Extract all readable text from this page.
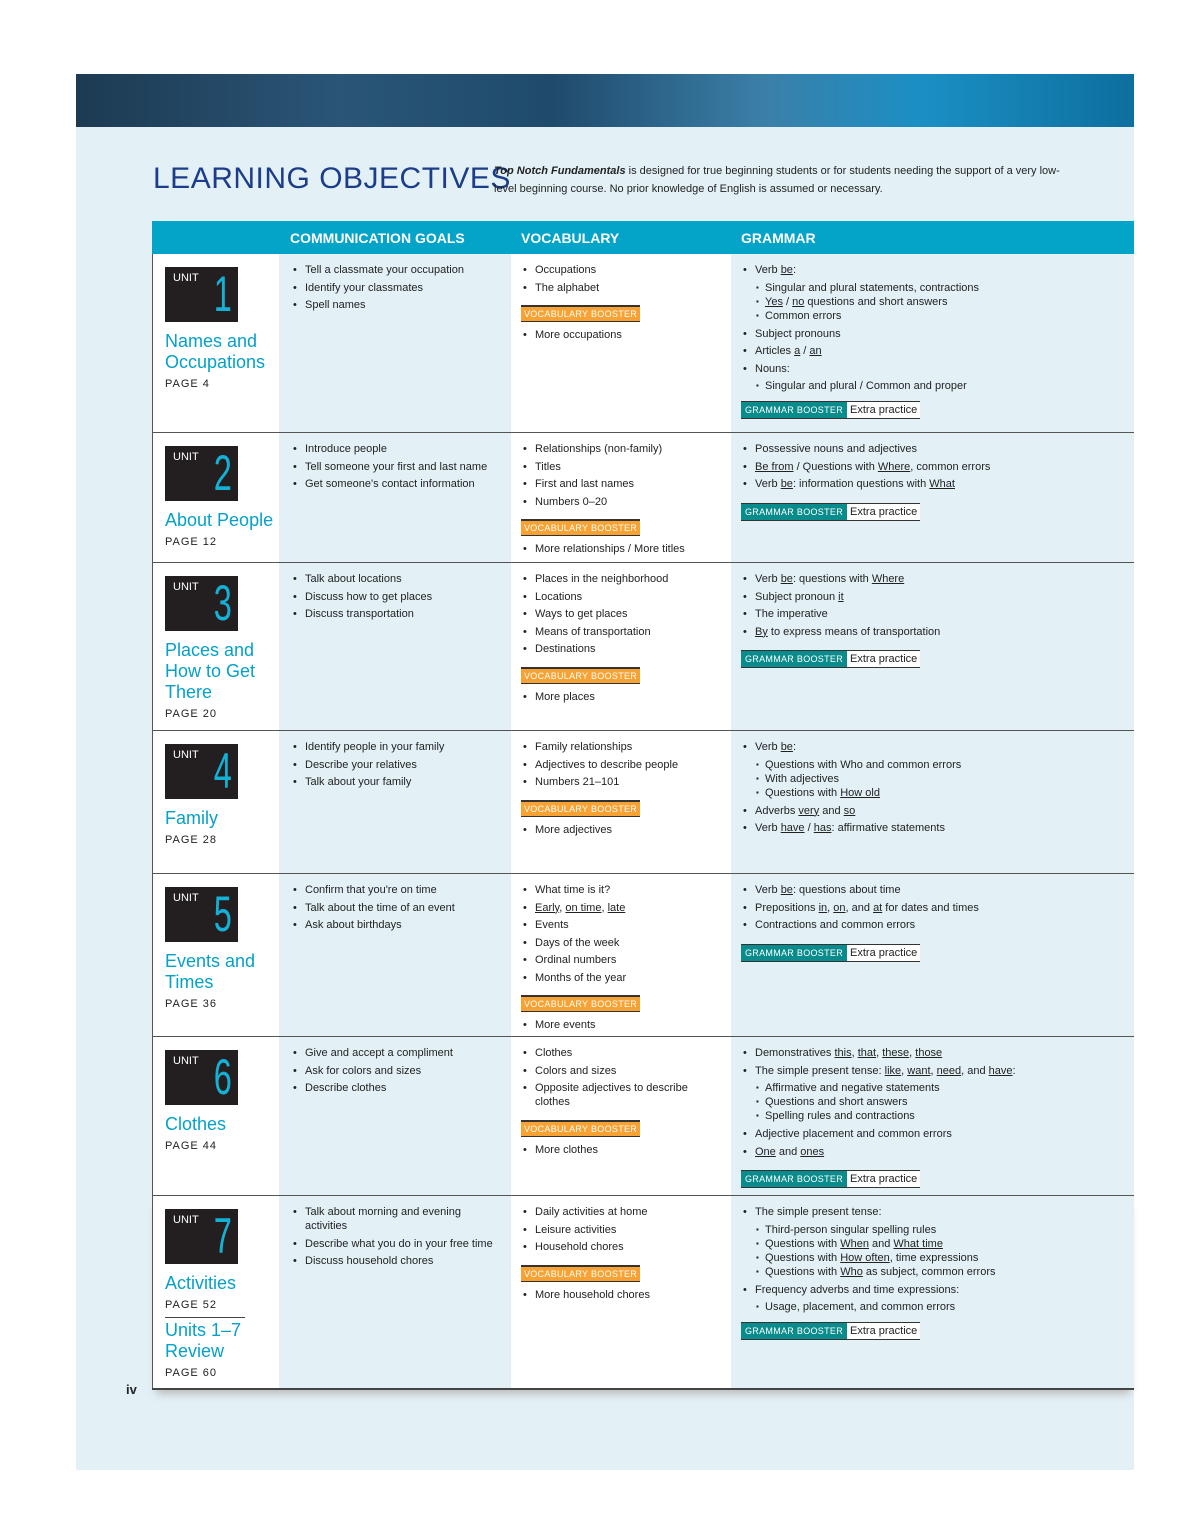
LEARNING OBJECTIVES
Top Notch Fundamentals is designed for true beginning students or for students needing the support of a very low-level beginning course. No prior knowledge of English is assumed or necessary.
COMMUNICATION GOALS	VOCABULARY	GRAMMAR
UNIT 1
Names and Occupations
PAGE 4
• Tell a classmate your occupation
• Identify your classmates
• Spell names
• Occupations
• The alphabet
VOCABULARY BOOSTER
• More occupations
• Verb be:
▪ Singular and plural statements, contractions
▪ Yes / no questions and short answers
▪ Common errors
• Subject pronouns
• Articles a / an
• Nouns:
▪ Singular and plural / Common and proper
GRAMMAR BOOSTER Extra practice
UNIT 2
About People
PAGE 12
• Introduce people
• Tell someone your first and last name
• Get someone's contact information
• Relationships (non-family)
• Titles
• First and last names
• Numbers 0–20
VOCABULARY BOOSTER
• More relationships / More titles
• Possessive nouns and adjectives
• Be from / Questions with Where, common errors
• Verb be: information questions with What
GRAMMAR BOOSTER Extra practice
UNIT 3
Places and How to Get There
PAGE 20
• Talk about locations
• Discuss how to get places
• Discuss transportation
• Places in the neighborhood
• Locations
• Ways to get places
• Means of transportation
• Destinations
VOCABULARY BOOSTER
• More places
• Verb be: questions with Where
• Subject pronoun it
• The imperative
• By to express means of transportation
GRAMMAR BOOSTER Extra practice
UNIT 4
Family
PAGE 28
• Identify people in your family
• Describe your relatives
• Talk about your family
• Family relationships
• Adjectives to describe people
• Numbers 21–101
VOCABULARY BOOSTER
• More adjectives
• Verb be:
▪ Questions with Who and common errors
▪ With adjectives
▪ Questions with How old
• Adverbs very and so
• Verb have / has: affirmative statements
UNIT 5
Events and Times
PAGE 36
• Confirm that you're on time
• Talk about the time of an event
• Ask about birthdays
• What time is it?
• Early, on time, late
• Events
• Days of the week
• Ordinal numbers
• Months of the year
VOCABULARY BOOSTER
• More events
• Verb be: questions about time
• Prepositions in, on, and at for dates and times
• Contractions and common errors
GRAMMAR BOOSTER Extra practice
UNIT 6
Clothes
PAGE 44
• Give and accept a compliment
• Ask for colors and sizes
• Describe clothes
• Clothes
• Colors and sizes
• Opposite adjectives to describe clothes
VOCABULARY BOOSTER
• More clothes
• Demonstratives this, that, these, those
• The simple present tense: like, want, need, and have:
▪ Affirmative and negative statements
▪ Questions and short answers
▪ Spelling rules and contractions
• Adjective placement and common errors
• One and ones
GRAMMAR BOOSTER Extra practice
UNIT 7
Activities
PAGE 52
Units 1–7 Review
PAGE 60
• Talk about morning and evening activities
• Describe what you do in your free time
• Discuss household chores
• Daily activities at home
• Leisure activities
• Household chores
VOCABULARY BOOSTER
• More household chores
• The simple present tense:
▪ Third-person singular spelling rules
▪ Questions with When and What time
▪ Questions with How often, time expressions
▪ Questions with Who as subject, common errors
• Frequency adverbs and time expressions:
▪ Usage, placement, and common errors
GRAMMAR BOOSTER Extra practice
iv
